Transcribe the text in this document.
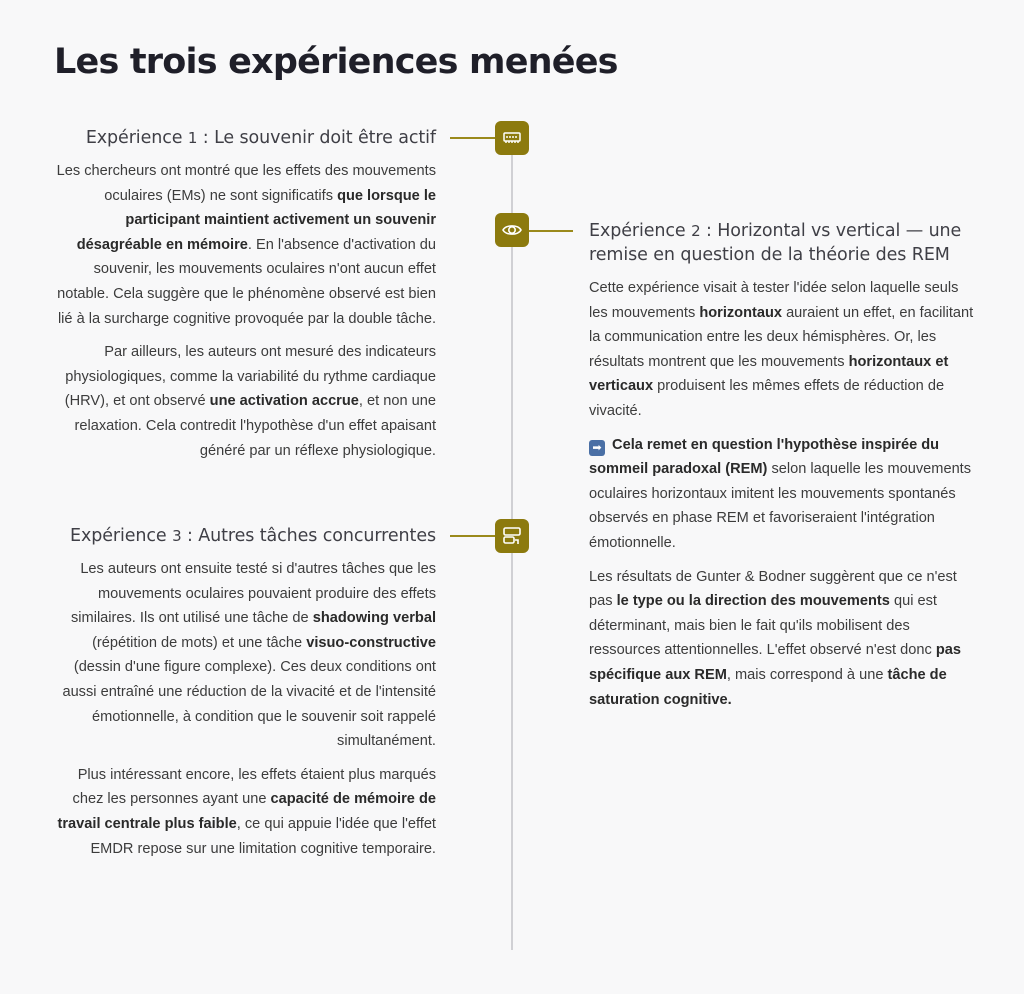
Les trois expériences menées
Expérience 1 : Le souvenir doit être actif

Les chercheurs ont montré que les effets des mouvements oculaires (EMs) ne sont significatifs que lorsque le participant maintient activement un souvenir désagréable en mémoire. En l'absence d'activation du souvenir, les mouvements oculaires n'ont aucun effet notable. Cela suggère que le phénomène observé est bien lié à la surcharge cognitive provoquée par la double tâche.

Par ailleurs, les auteurs ont mesuré des indicateurs physiologiques, comme la variabilité du rythme cardiaque (HRV), et ont observé une activation accrue, et non une relaxation. Cela contredit l'hypothèse d'un effet apaisant généré par un réflexe physiologique.

Expérience 2 : Horizontal vs vertical — une remise en question de la théorie des REM

Cette expérience visait à tester l'idée selon laquelle seuls les mouvements horizontaux auraient un effet, en facilitant la communication entre les deux hémisphères. Or, les résultats montrent que les mouvements horizontaux et verticaux produisent les mêmes effets de réduction de vivacité.

➡ Cela remet en question l'hypothèse inspirée du sommeil paradoxal (REM) selon laquelle les mouvements oculaires horizontaux imitent les mouvements spontanés observés en phase REM et favoriseraient l'intégration émotionnelle.

Les résultats de Gunter & Bodner suggèrent que ce n'est pas le type ou la direction des mouvements qui est déterminant, mais bien le fait qu'ils mobilisent des ressources attentionnelles. L'effet observé n'est donc pas spécifique aux REM, mais correspond à une tâche de saturation cognitive.

Expérience 3 : Autres tâches concurrentes

Les auteurs ont ensuite testé si d'autres tâches que les mouvements oculaires pouvaient produire des effets similaires. Ils ont utilisé une tâche de shadowing verbal (répétition de mots) et une tâche visuo-constructive (dessin d'une figure complexe). Ces deux conditions ont aussi entraîné une réduction de la vivacité et de l'intensité émotionnelle, à condition que le souvenir soit rappelé simultanément.

Plus intéressant encore, les effets étaient plus marqués chez les personnes ayant une capacité de mémoire de travail centrale plus faible, ce qui appuie l'idée que l'effet EMDR repose sur une limitation cognitive temporaire.
